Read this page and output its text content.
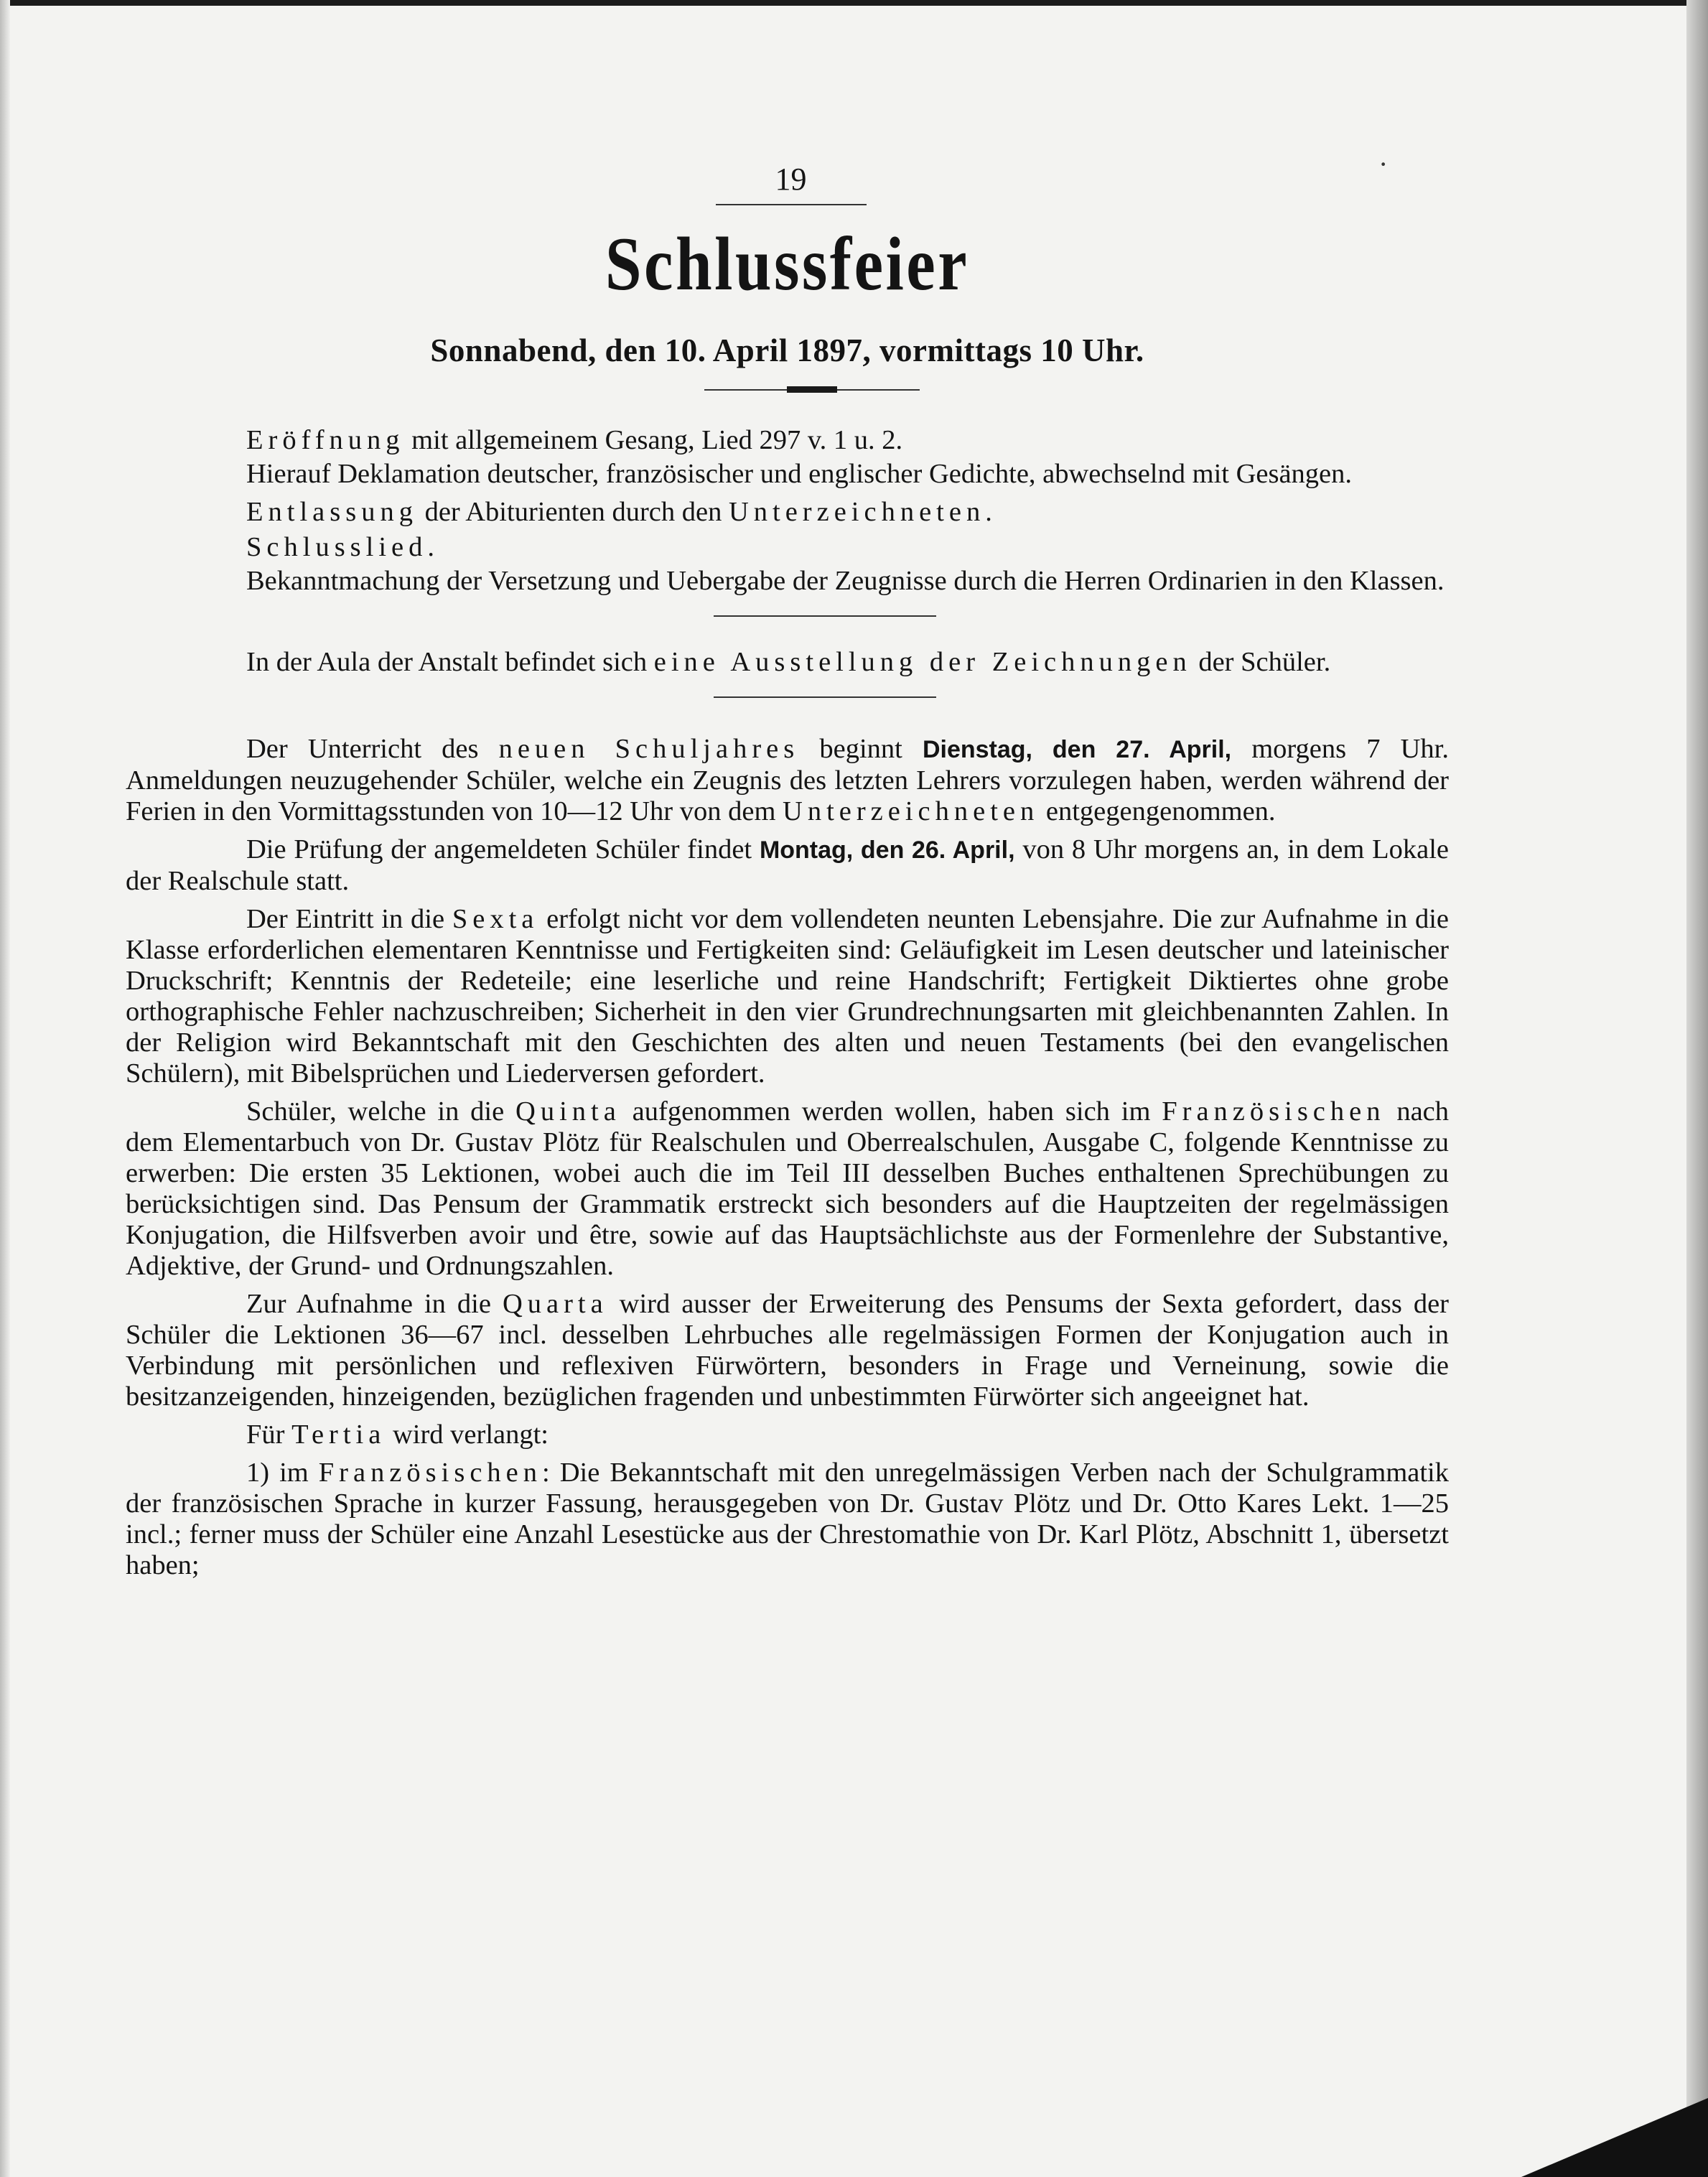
·
19
Schlussfeier
Sonnabend, den 10. April 1897, vormittags 10 Uhr.

Eröffnung mit allgemeinem Gesang, Lied 297 v. 1 u. 2.

Hierauf Deklamation deutscher, französischer und englischer Gedichte, abwechselnd mit Gesängen.

Entlassung der Abiturienten durch den Unterzeichneten.

Schlusslied.

Bekanntmachung der Versetzung und Uebergabe der Zeugnisse durch die Herren Ordinarien in den Klassen.

In der Aula der Anstalt befindet sich eine Ausstellung der Zeichnungen der Schüler.

Der Unterricht des neuen Schuljahres beginnt Dienstag, den 27. April, morgens 7 Uhr. Anmeldungen neuzugehender Schüler, welche ein Zeugnis des letzten Lehrers vorzulegen haben, werden während der Ferien in den Vormittagsstunden von 10—12 Uhr von dem Unterzeichneten entgegengenommen.

Die Prüfung der angemeldeten Schüler findet Montag, den 26. April, von 8 Uhr morgens an, in dem Lokale der Realschule statt.

Der Eintritt in die Sexta erfolgt nicht vor dem vollendeten neunten Lebensjahre. Die zur Aufnahme in die Klasse erforderlichen elementaren Kenntnisse und Fertigkeiten sind: Geläufigkeit im Lesen deutscher und lateinischer Druckschrift; Kenntnis der Redeteile; eine leserliche und reine Handschrift; Fertigkeit Diktiertes ohne grobe orthographische Fehler nachzuschreiben; Sicherheit in den vier Grundrechnungsarten mit gleichbenannten Zahlen. In der Religion wird Bekanntschaft mit den Geschichten des alten und neuen Testaments (bei den evangelischen Schülern), mit Bibelsprüchen und Liederversen gefordert.

Schüler, welche in die Quinta aufgenommen werden wollen, haben sich im Französischen nach dem Elementarbuch von Dr. Gustav Plötz für Realschulen und Oberrealschulen, Ausgabe C, folgende Kenntnisse zu erwerben: Die ersten 35 Lektionen, wobei auch die im Teil III desselben Buches enthaltenen Sprechübungen zu berücksichtigen sind. Das Pensum der Grammatik erstreckt sich besonders auf die Hauptzeiten der regelmässigen Konjugation, die Hilfsverben avoir und être, sowie auf das Hauptsächlichste aus der Formenlehre der Substantive, Adjektive, der Grund- und Ordnungszahlen.

Zur Aufnahme in die Quarta wird ausser der Erweiterung des Pensums der Sexta gefordert, dass der Schüler die Lektionen 36—67 incl. desselben Lehrbuches alle regelmässigen Formen der Konjugation auch in Verbindung mit persönlichen und reflexiven Fürwörtern, besonders in Frage und Verneinung, sowie die besitzanzeigenden, hinzeigenden, bezüglichen fragenden und unbestimmten Fürwörter sich angeeignet hat.

Für Tertia wird verlangt:

1) im Französischen: Die Bekanntschaft mit den unregelmässigen Verben nach der Schulgrammatik der französischen Sprache in kurzer Fassung, herausgegeben von Dr. Gustav Plötz und Dr. Otto Kares Lekt. 1—25 incl.; ferner muss der Schüler eine Anzahl Lesestücke aus der Chrestomathie von Dr. Karl Plötz, Abschnitt 1, übersetzt haben;
